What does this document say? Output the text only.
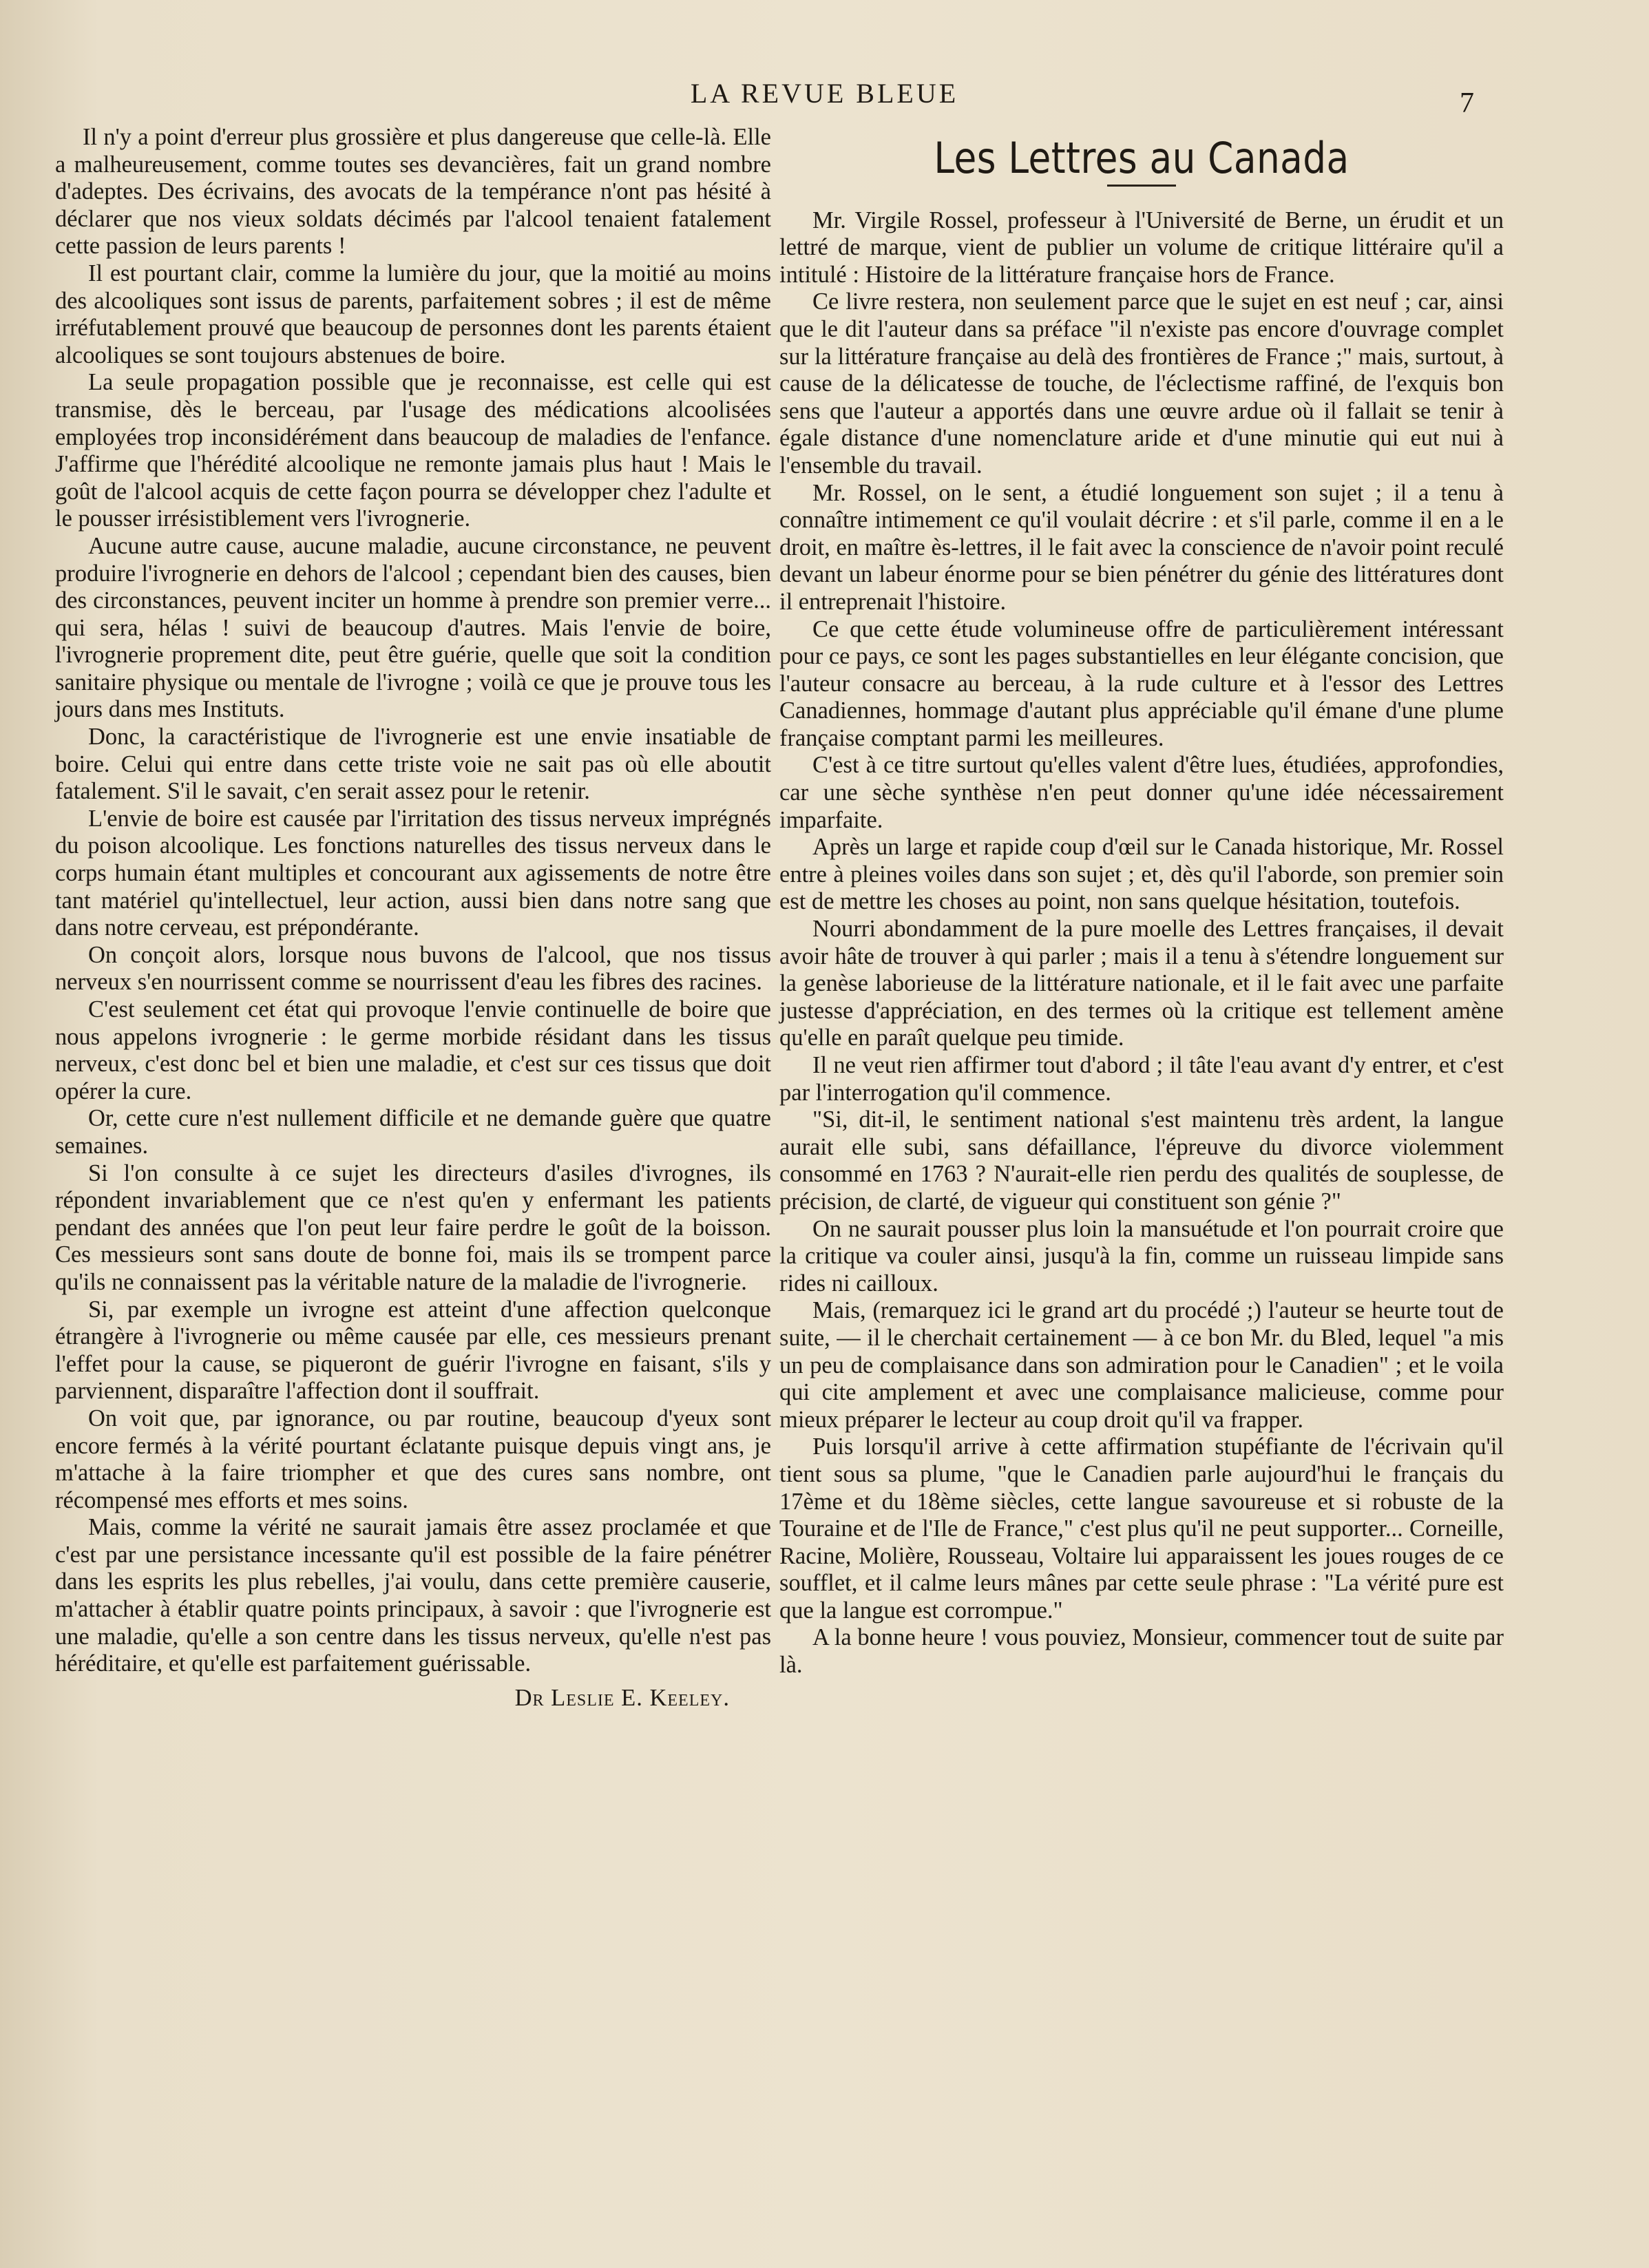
LA REVUE BLEUE	7

Il n'y a point d'erreur plus grossière et plus dangereuse que celle-là. Elle a malheureusement, comme toutes ses devancières, fait un grand nombre d'adeptes. Des écrivains, des avocats de la tempérance n'ont pas hésité à déclarer que nos vieux soldats décimés par l'alcool tenaient fatalement cette passion de leurs parents !

Il est pourtant clair, comme la lumière du jour, que la moitié au moins des alcooliques sont issus de parents, parfaitement sobres ; il est de même irréfutablement prouvé que beaucoup de personnes dont les parents étaient alcooliques se sont toujours abstenues de boire.

La seule propagation possible que je reconnaisse, est celle qui est transmise, dès le berceau, par l'usage des médications alcoolisées employées trop inconsidérément dans beaucoup de maladies de l'enfance. J'affirme que l'hérédité alcoolique ne remonte jamais plus haut ! Mais le goût de l'alcool acquis de cette façon pourra se développer chez l'adulte et le pousser irrésistiblement vers l'ivrognerie.

Aucune autre cause, aucune maladie, aucune circonstance, ne peuvent produire l'ivrognerie en dehors de l'alcool ; cependant bien des causes, bien des circonstances, peuvent inciter un homme à prendre son premier verre... qui sera, hélas ! suivi de beaucoup d'autres. Mais l'envie de boire, l'ivrognerie proprement dite, peut être guérie, quelle que soit la condition sanitaire physique ou mentale de l'ivrogne ; voilà ce que je prouve tous les jours dans mes Instituts.

Donc, la caractéristique de l'ivrognerie est une envie insatiable de boire. Celui qui entre dans cette triste voie ne sait pas où elle aboutit fatalement. S'il le savait, c'en serait assez pour le retenir.

L'envie de boire est causée par l'irritation des tissus nerveux imprégnés du poison alcoolique. Les fonctions naturelles des tissus nerveux dans le corps humain étant multiples et concourant aux agissements de notre être tant matériel qu'intellectuel, leur action, aussi bien dans notre sang que dans notre cerveau, est prépondérante.

On conçoit alors, lorsque nous buvons de l'alcool, que nos tissus nerveux s'en nourrissent comme se nourrissent d'eau les fibres des racines.

C'est seulement cet état qui provoque l'envie continuelle de boire que nous appelons ivrognerie : le germe morbide résidant dans les tissus nerveux, c'est donc bel et bien une maladie, et c'est sur ces tissus que doit opérer la cure.

Or, cette cure n'est nullement difficile et ne demande guère que quatre semaines.

Si l'on consulte à ce sujet les directeurs d'asiles d'ivrognes, ils répondent invariablement que ce n'est qu'en y enfermant les patients pendant des années que l'on peut leur faire perdre le goût de la boisson. Ces messieurs sont sans doute de bonne foi, mais ils se trompent parce qu'ils ne connaissent pas la véritable nature de la maladie de l'ivrognerie.

Si, par exemple un ivrogne est atteint d'une affection quelconque étrangère à l'ivrognerie ou même causée par elle, ces messieurs prenant l'effet pour la cause, se piqueront de guérir l'ivrogne en faisant, s'ils y parviennent, disparaître l'affection dont il souffrait.

On voit que, par ignorance, ou par routine, beaucoup d'yeux sont encore fermés à la vérité pourtant éclatante puisque depuis vingt ans, je m'attache à la faire triompher et que des cures sans nombre, ont récompensé mes efforts et mes soins.

Mais, comme la vérité ne saurait jamais être assez proclamée et que c'est par une persistance incessante qu'il est possible de la faire pénétrer dans les esprits les plus rebelles, j'ai voulu, dans cette première causerie, m'attacher à établir quatre points principaux, à savoir : que l'ivrognerie est une maladie, qu'elle a son centre dans les tissus nerveux, qu'elle n'est pas héréditaire, et qu'elle est parfaitement guérissable.

Dr Leslie E. Keeley.
Les Lettres au Canada

Mr. Virgile Rossel, professeur à l'Université de Berne, un érudit et un lettré de marque, vient de publier un volume de critique littéraire qu'il a intitulé : Histoire de la littérature française hors de France.

Ce livre restera, non seulement parce que le sujet en est neuf ; car, ainsi que le dit l'auteur dans sa préface "il n'existe pas encore d'ouvrage complet sur la littérature française au delà des frontières de France ;" mais, surtout, à cause de la délicatesse de touche, de l'éclectisme raffiné, de l'exquis bon sens que l'auteur a apportés dans une œuvre ardue où il fallait se tenir à égale distance d'une nomenclature aride et d'une minutie qui eut nui à l'ensemble du travail.

Mr. Rossel, on le sent, a étudié longuement son sujet ; il a tenu à connaître intimement ce qu'il voulait décrire : et s'il parle, comme il en a le droit, en maître ès-lettres, il le fait avec la conscience de n'avoir point reculé devant un labeur énorme pour se bien pénétrer du génie des littératures dont il entreprenait l'histoire.

Ce que cette étude volumineuse offre de particulièrement intéressant pour ce pays, ce sont les pages substantielles en leur élégante concision, que l'auteur consacre au berceau, à la rude culture et à l'essor des Lettres Canadiennes, hommage d'autant plus appréciable qu'il émane d'une plume française comptant parmi les meilleures.

C'est à ce titre surtout qu'elles valent d'être lues, étudiées, approfondies, car une sèche synthèse n'en peut donner qu'une idée nécessairement imparfaite.

Après un large et rapide coup d'œil sur le Canada historique, Mr. Rossel entre à pleines voiles dans son sujet ; et, dès qu'il l'aborde, son premier soin est de mettre les choses au point, non sans quelque hésitation, toutefois.

Nourri abondamment de la pure moelle des Lettres françaises, il devait avoir hâte de trouver à qui parler ; mais il a tenu à s'étendre longuement sur la genèse laborieuse de la littérature nationale, et il le fait avec une parfaite justesse d'appréciation, en des termes où la critique est tellement amène qu'elle en paraît quelque peu timide.

Il ne veut rien affirmer tout d'abord ; il tâte l'eau avant d'y entrer, et c'est par l'interrogation qu'il commence.

"Si, dit-il, le sentiment national s'est maintenu très ardent, la langue aurait elle subi, sans défaillance, l'épreuve du divorce violemment consommé en 1763 ? N'aurait-elle rien perdu des qualités de souplesse, de précision, de clarté, de vigueur qui constituent son génie ?"

On ne saurait pousser plus loin la mansuétude et l'on pourrait croire que la critique va couler ainsi, jusqu'à la fin, comme un ruisseau limpide sans rides ni cailloux.

Mais, (remarquez ici le grand art du procédé ;) l'auteur se heurte tout de suite, — il le cherchait certainement — à ce bon Mr. du Bled, lequel "a mis un peu de complaisance dans son admiration pour le Canadien" ; et le voila qui cite amplement et avec une complaisance malicieuse, comme pour mieux préparer le lecteur au coup droit qu'il va frapper.

Puis lorsqu'il arrive à cette affirmation stupéfiante de l'écrivain qu'il tient sous sa plume, "que le Canadien parle aujourd'hui le français du 17ème et du 18ème siècles, cette langue savoureuse et si robuste de la Touraine et de l'Ile de France," c'est plus qu'il ne peut supporter... Corneille, Racine, Molière, Rousseau, Voltaire lui apparaissent les joues rouges de ce soufflet, et il calme leurs mânes par cette seule phrase : "La vérité pure est que la langue est corrompue."

A la bonne heure ! vous pouviez, Monsieur, commencer tout de suite par là.
